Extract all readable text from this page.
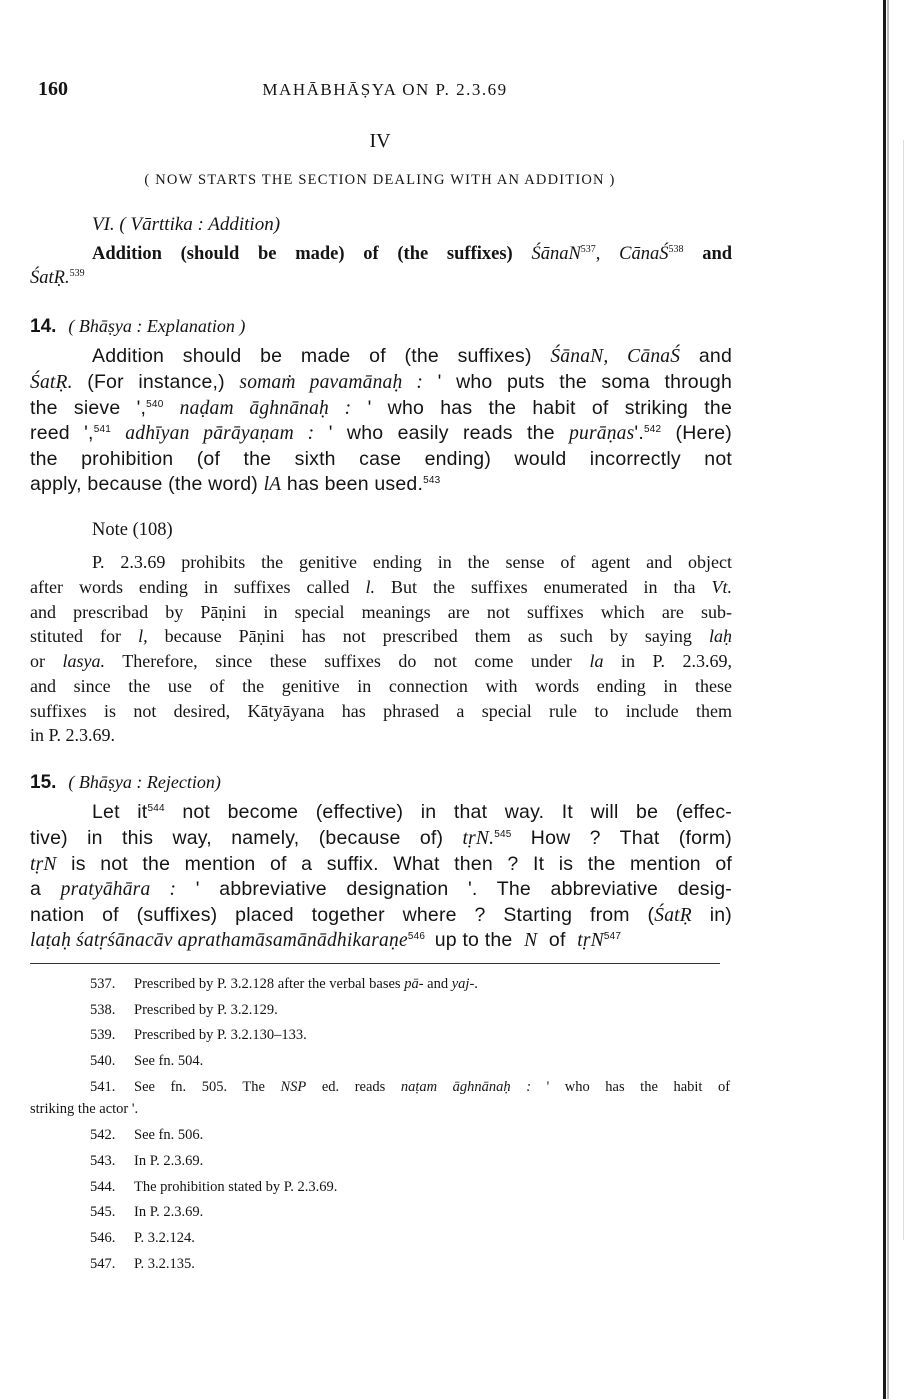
160	MAHĀBHĀṢYA ON P. 2.3.69
IV
( NOW STARTS THE SECTION DEALING WITH AN ADDITION )
VI. ( Vārttika : Addition)
Addition (should be made) of (the suffixes) ŚānaN$^{537}$, CānaŚ$^{538}$ and
ŚatṚ.$^{539}$
14. ( Bhāṣya : Explanation )
Addition should be made of (the suffixes) ŚānaN, CānaŚ and
ŚatṚ. (For instance,) somaṁ pavamānaḥ : ' who puts the soma through
the sieve ',$^{540}$ naḍam āghnānaḥ : ' who has the habit of striking the
reed ',$^{541}$ adhīyan pārāyaṇam : ' who easily reads the purāṇas'.$^{542}$ (Here)
the prohibition (of the sixth case ending) would incorrectly not
apply, because (the word) lA has been used.$^{543}$
Note (108)
P. 2.3.69 prohibits the genitive ending in the sense of agent and object
after words ending in suffixes called l. But the suffixes enumerated in tha Vt.
and prescribad by Pāṇini in special meanings are not suffixes which are sub-
stituted for l, because Pāṇini has not prescribed them as such by saying laḥ
or lasya. Therefore, since these suffixes do not come under la in P. 2.3.69,
and since the use of the genitive in connection with words ending in these
suffixes is not desired, Kātyāyana has phrased a special rule to include them
in P. 2.3.69.
15. ( Bhāṣya : Rejection)
Let $it^{544}$ not become (effective) in that way. It will be (effec-
tive) in this way, namely, (because of) tṛN.$^{545}$ How ? That (form)
tṛN is not the mention of a suffix. What then ? It is the mention of
a pratyāhāra : ' abbreviative designation '. The abbreviative desig-
nation of (suffixes) placed together where ? Starting from (ŚatṚ in)
laṭaḥ śatṛśānacāv aprathamāsamānādhikaraṇe$^{546}$ up to the N of tṛN$^{547}$
537. Prescribed by P. 3.2.128 after the verbal bases pā- and yaj-.
538. Prescribed by P. 3.2.129.
539. Prescribed by P. 3.2.130–133.
540. See fn. 504.
541. See fn. 505. The NSP ed. reads naṭam āghnānaḥ : ' who has the habit of
striking the actor '.
542. See fn. 506.
543. In P. 2.3.69.
544. The prohibition stated by P. 2.3.69.
545. In P. 2.3.69.
546. P. 3.2.124.
547. P. 3.2.135.
